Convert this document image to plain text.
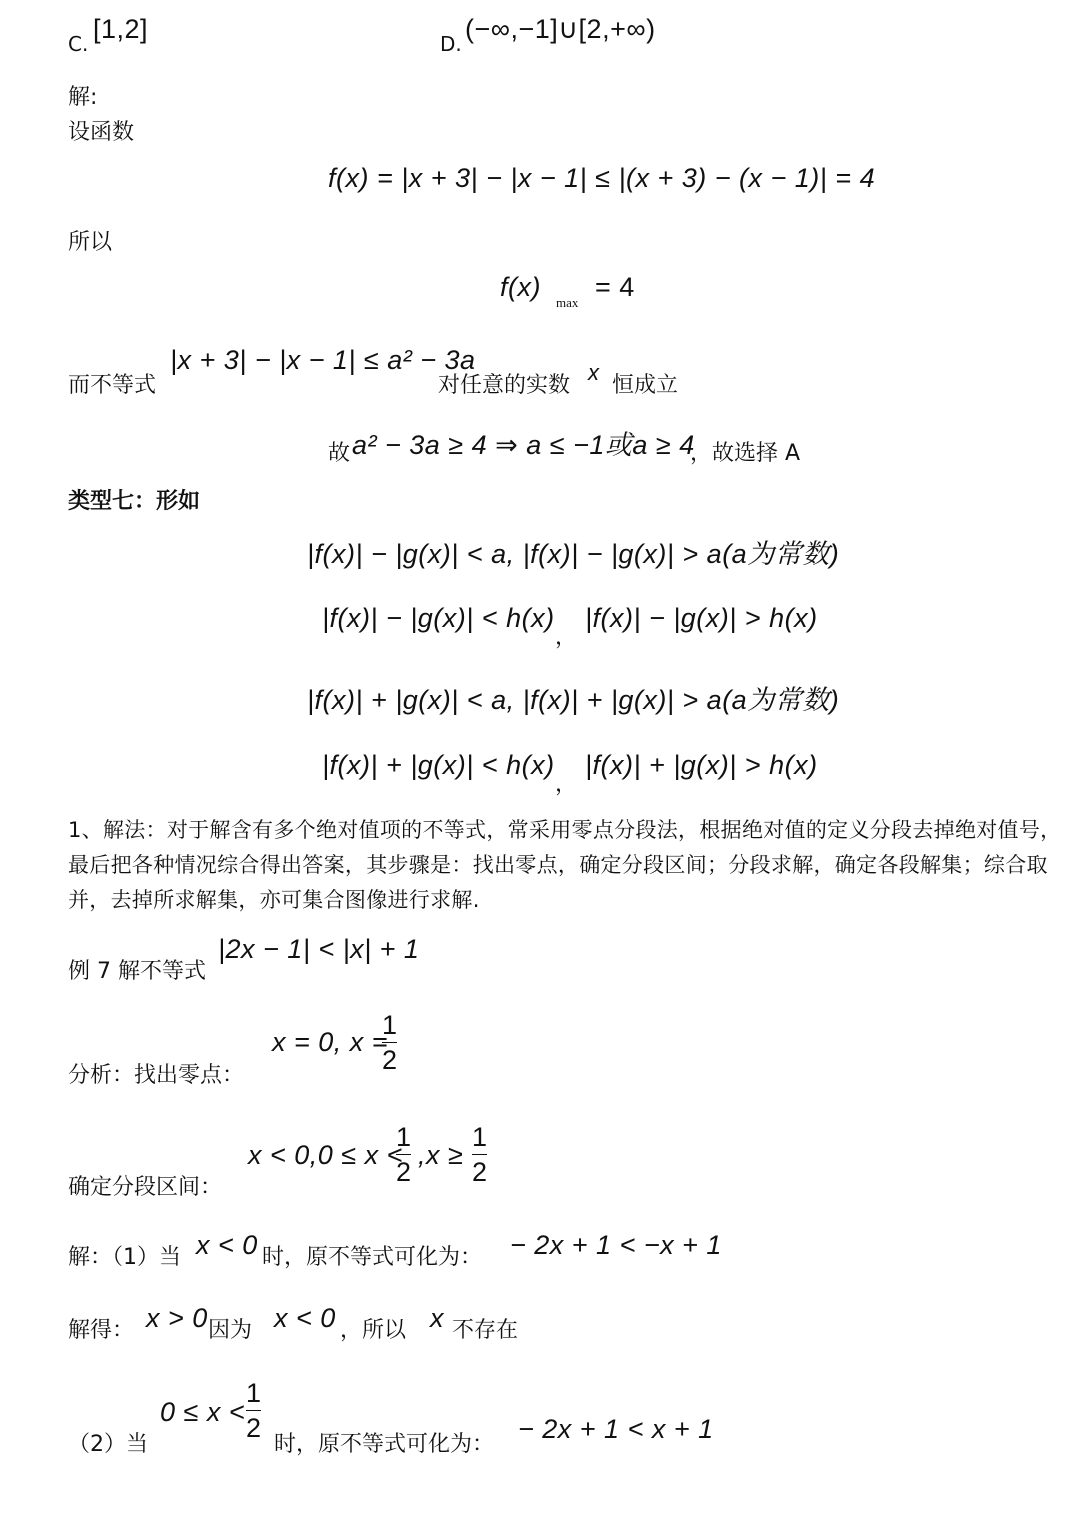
C. [1,2]	D. (−∞,−1]∪[2,+∞)
解:
设函数
f(x) = |x + 3| − |x − 1| ≤ |(x + 3) − (x − 1)| = 4
所以
f(x)
max
= 4
而不等式
|x + 3| − |x − 1| ≤ a² − 3a
对任意的实数
x
恒成立
故 a² − 3a ≥ 4 ⇒ a ≤ −1或a ≥ 4
，故选择 A
类型七：形如
|f(x)| − |g(x)| < a, |f(x)| − |g(x)| > a(a为常数)
|f(x)| − |g(x)| < h(x)
，
|f(x)| − |g(x)| > h(x)
|f(x)| + |g(x)| < a, |f(x)| + |g(x)| > a(a为常数)
|f(x)| + |g(x)| < h(x)
，
|f(x)| + |g(x)| > h(x)
1、解法：对于解含有多个绝对值项的不等式，常采用零点分段法，根据绝对值的定义分段去掉绝对值号，最后把各种情况综合得出答案，其步骤是：找出零点，确定分段区间；分段求解，确定各段解集；综合取并，去掉所求解集，亦可集合图像进行求解.
例 7 解不等式
|2x − 1| < |x| + 1
分析：找出零点：
x = 0, x =
1
2
确定分段区间：
x < 0,0 ≤ x <
1
2
,x ≥
1
2
解：（1）当 x < 0 时，原不等式可化为： − 2x + 1 < −x + 1
解得： x > 0 因为 x < 0 ，所以 x 不存在
（2）当
0 ≤ x <
1
2
时，原不等式可化为：
− 2x + 1 < x + 1
